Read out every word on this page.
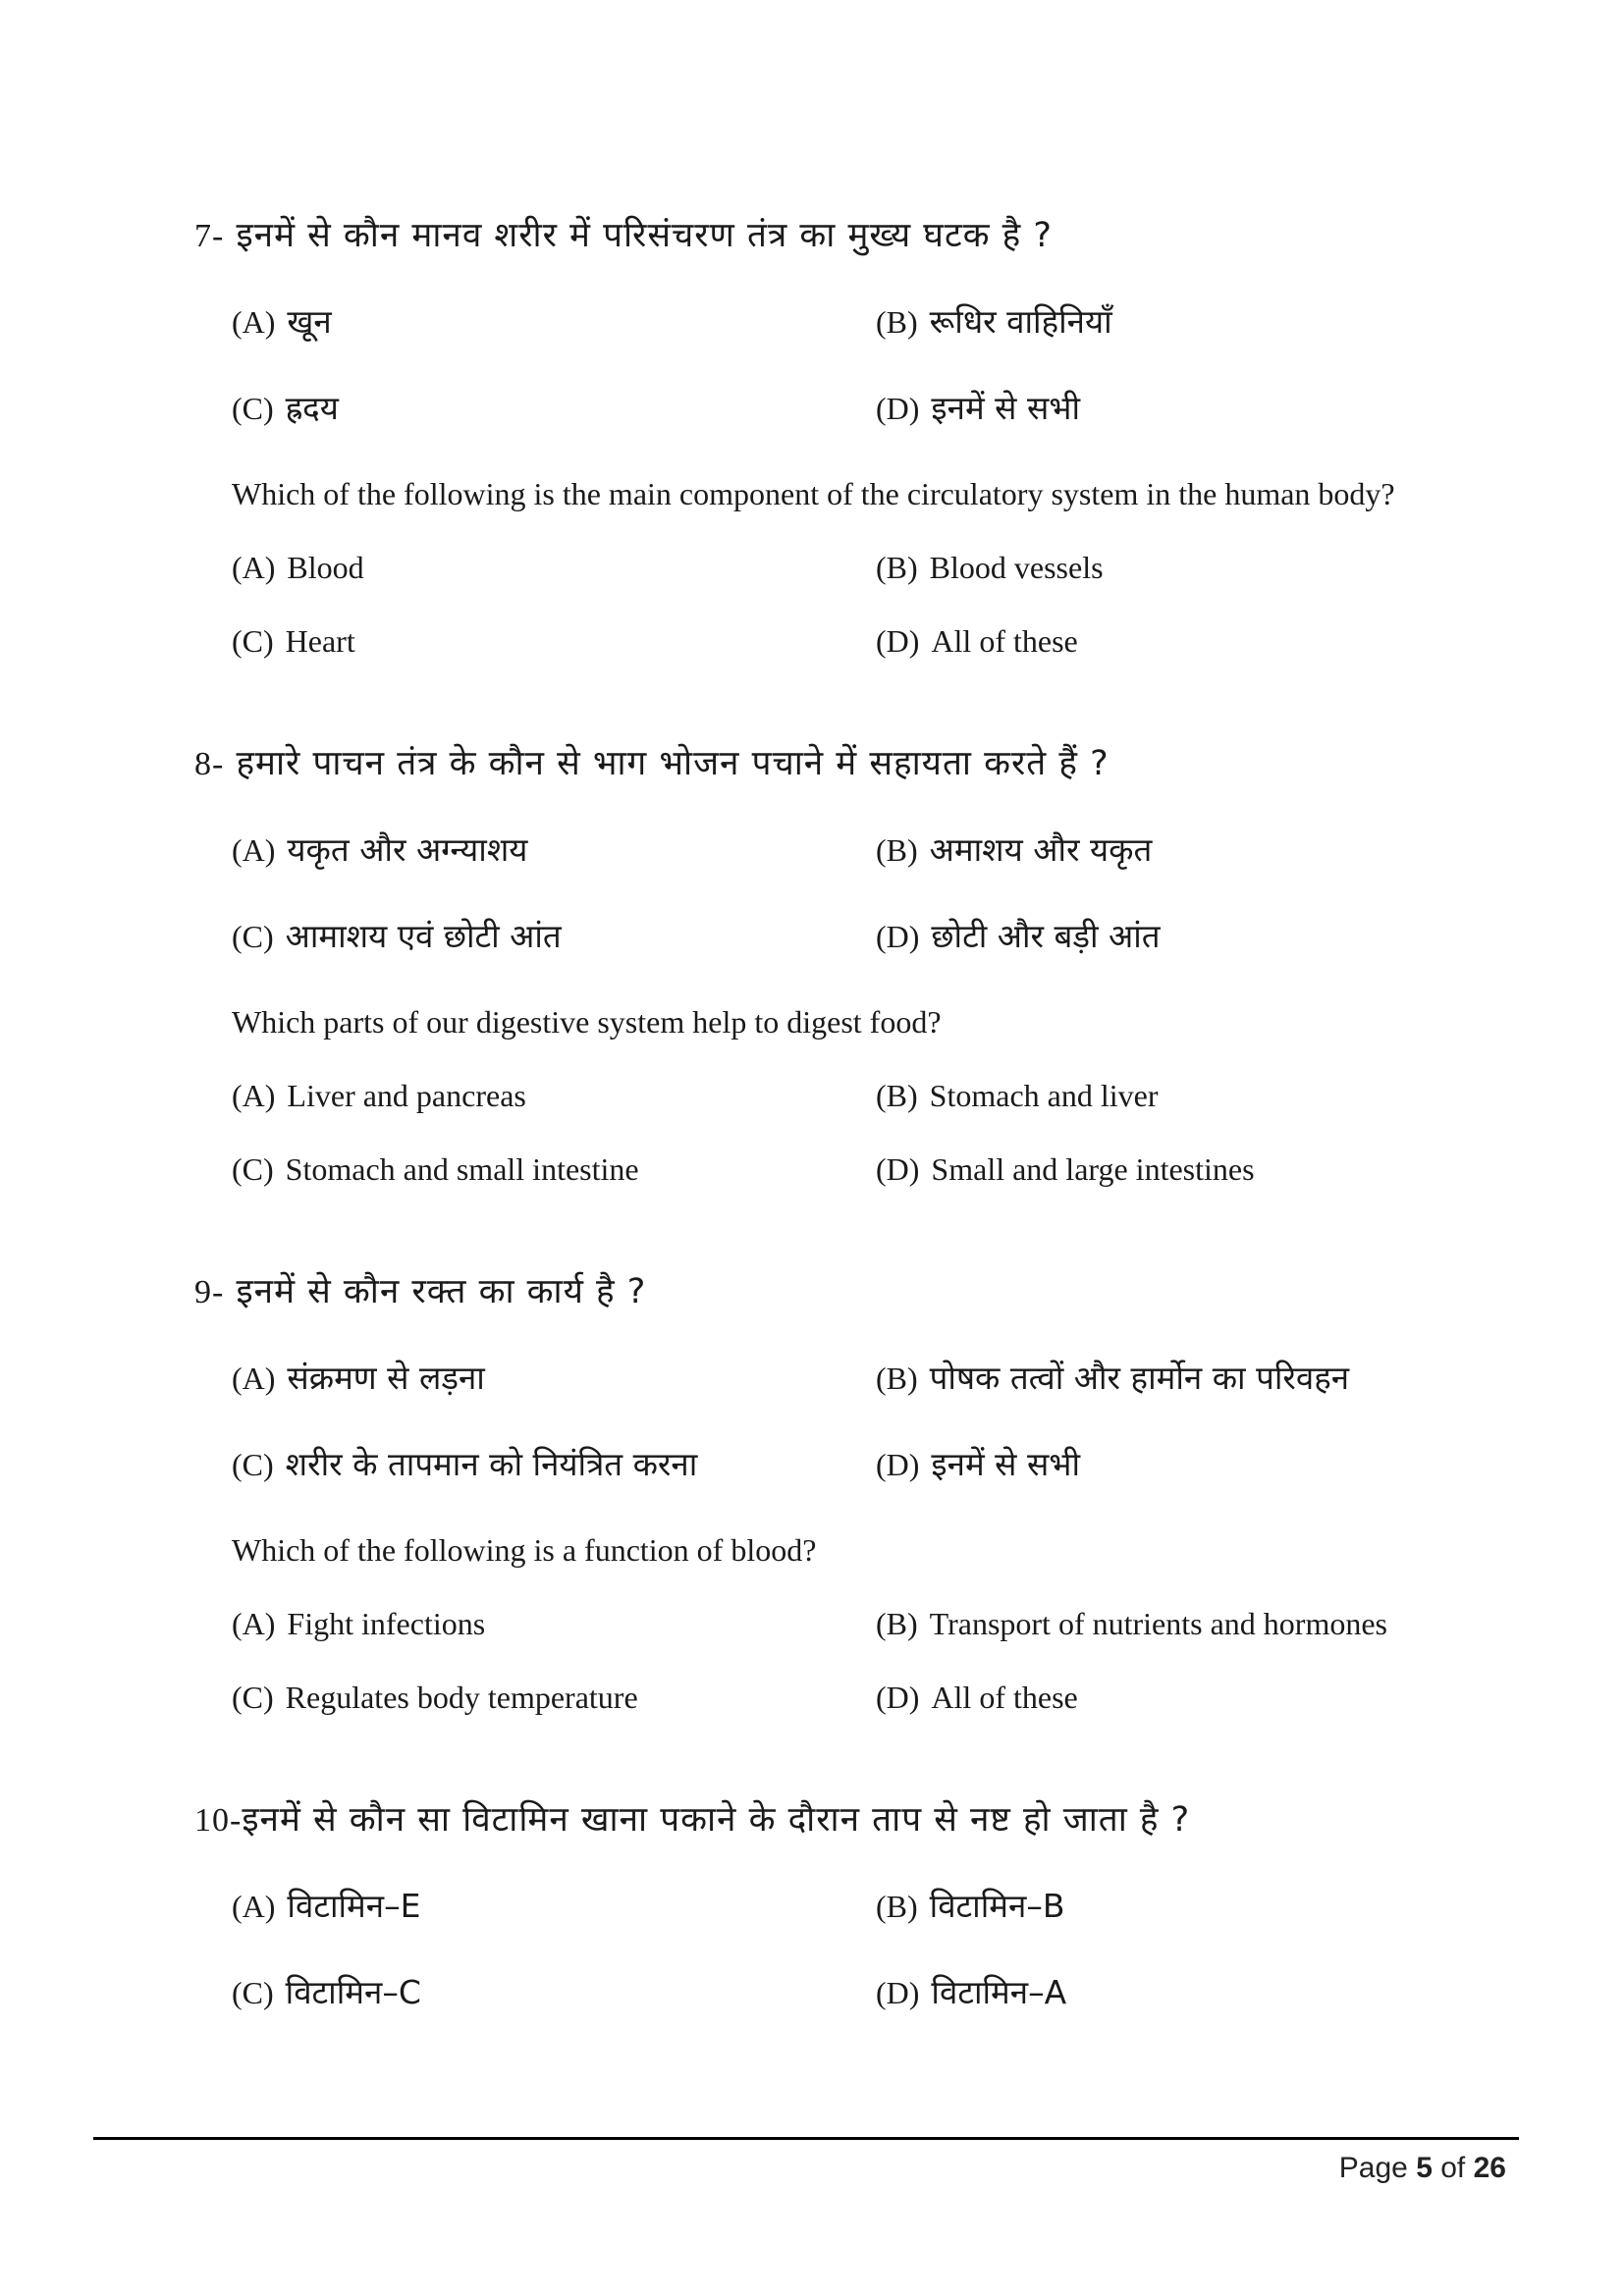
7- इनमें से कौन मानव शरीर में परिसंचरण तंत्र का मुख्य घटक है ?
(A) खून	(B) रूधिर वाहिनियाँ
(C) ह्रदय	(D) इनमें से सभी
Which of the following is the main component of the circulatory system in the human body?
(A) Blood	(B) Blood vessels
(C) Heart	(D) All of these
8- हमारे पाचन तंत्र के कौन से भाग भोजन पचाने में सहायता करते हैं ?
(A) यकृत और अग्न्याशय	(B) अमाशय और यकृत
(C) आमाशय एवं छोटी आंत	(D) छोटी और बड़ी आंत
Which parts of our digestive system help to digest food?
(A) Liver and pancreas	(B) Stomach and liver
(C) Stomach and small intestine	(D) Small and large intestines
9- इनमें से कौन रक्त का कार्य है ?
(A) संक्रमण से लड़ना	(B) पोषक तत्वों और हार्मोन का परिवहन
(C) शरीर के तापमान को नियंत्रित करना	(D) इनमें से सभी
Which of the following is a function of blood?
(A) Fight infections	(B) Transport of nutrients and hormones
(C) Regulates body temperature	(D) All of these
10-इनमें से कौन सा विटामिन खाना पकाने के दौरान ताप से नष्ट हो जाता है ?
(A) विटामिन–E	(B) विटामिन–B
(C) विटामिन–C	(D) विटामिन–A
Page 5 of 26
